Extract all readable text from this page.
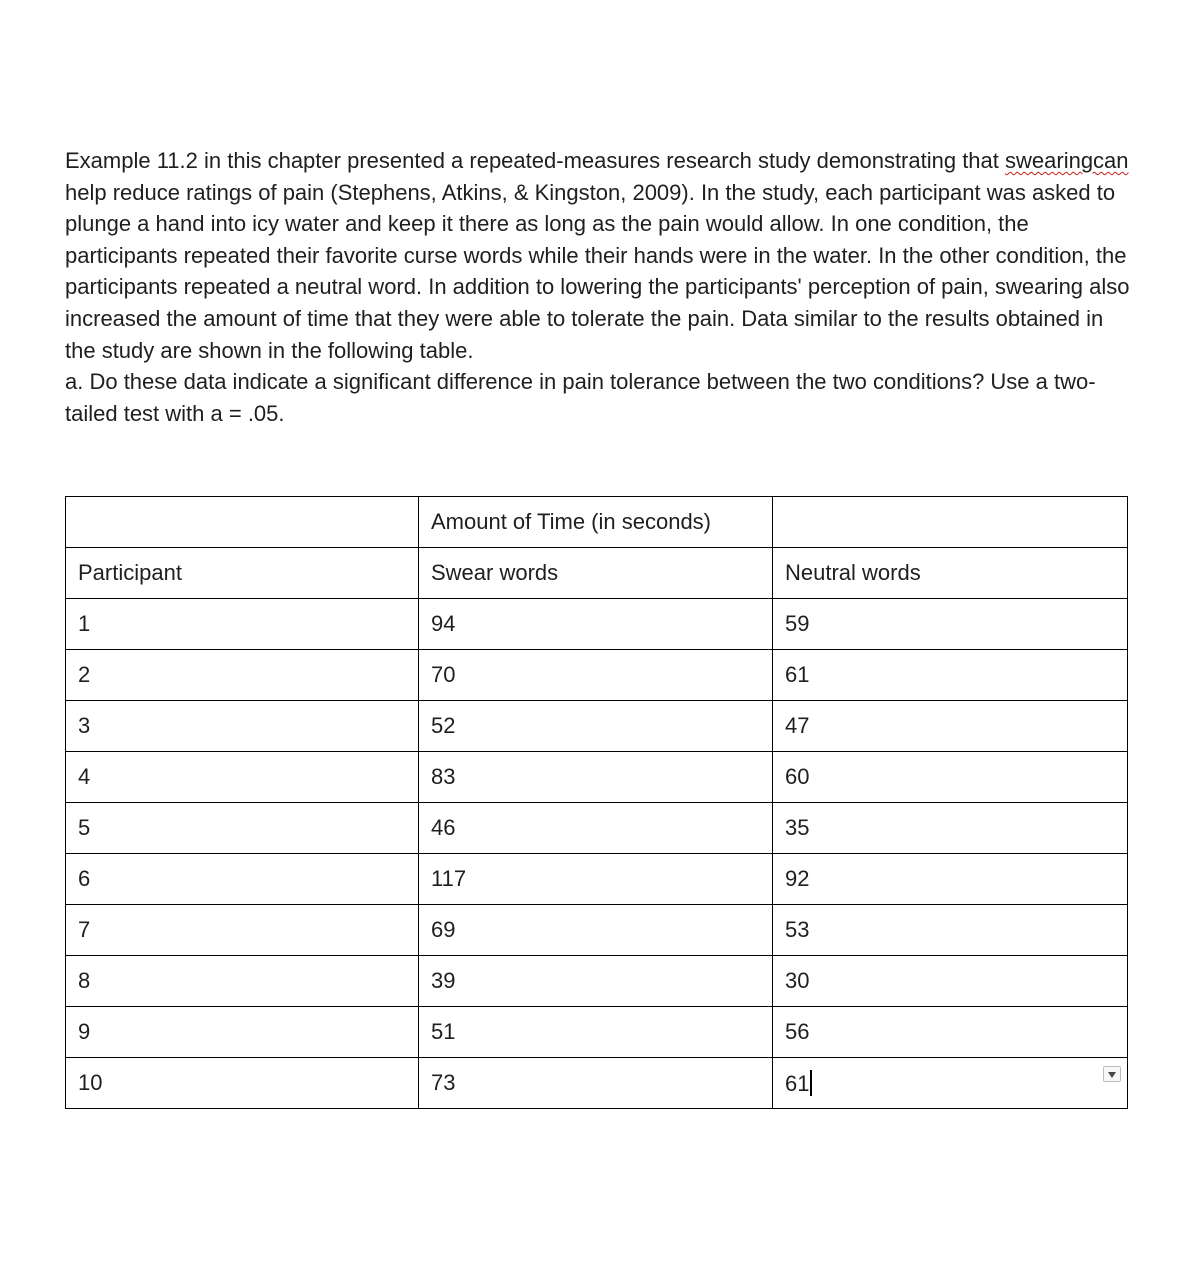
Example 11.2 in this chapter presented a repeated-measures research study demonstrating that swearingcan help reduce ratings of pain (Stephens, Atkins, & Kingston, 2009). In the study, each participant was asked to plunge a hand into icy water and keep it there as long as the pain would allow. In one condition, the participants repeated their favorite curse words while their hands were in the water. In the other condition, the participants repeated a neutral word. In addition to lowering the participants' perception of pain, swearing also increased the amount of time that they were able to tolerate the pain. Data similar to the results obtained in the study are shown in the following table.
a. Do these data indicate a significant difference in pain tolerance between the two conditions? Use a two-tailed test with a = .05.

	Amount of Time (in seconds)	
Participant	Swear words	Neutral words
1	94	59
2	70	61
3	52	47
4	83	60
5	46	35
6	117	92
7	69	53
8	39	30
9	51	56
10	73	61
